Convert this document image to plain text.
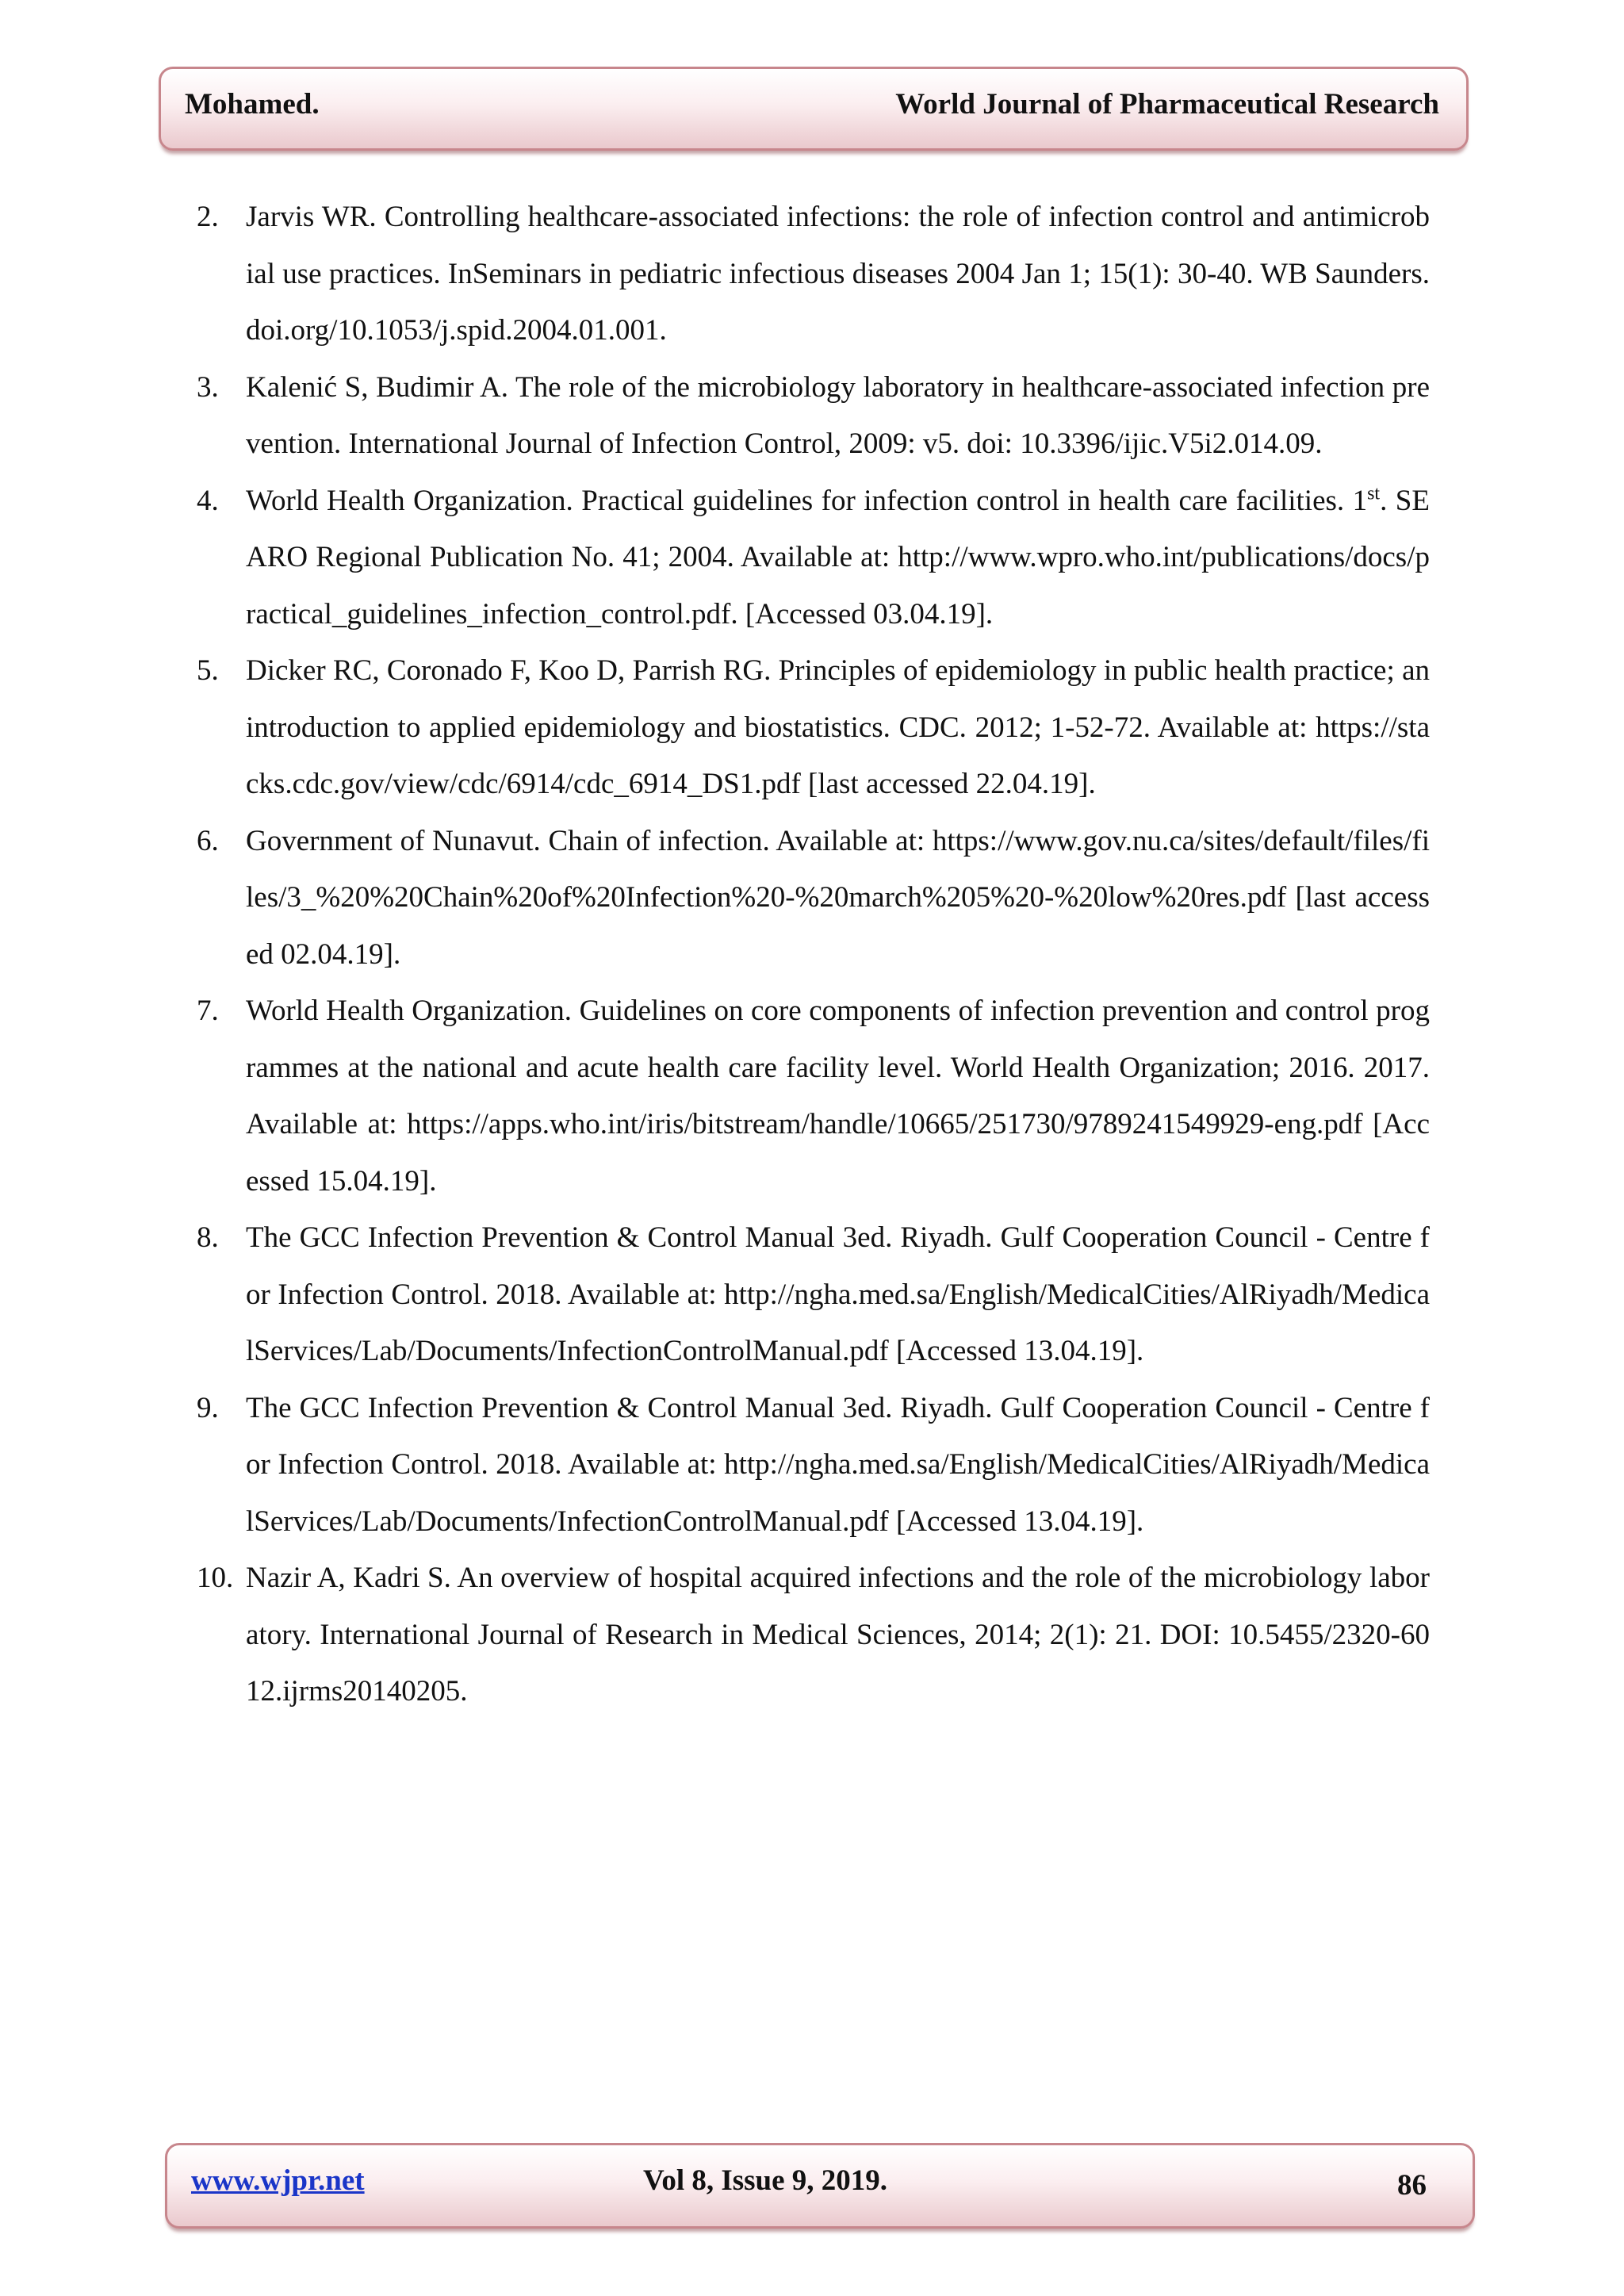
Mohamed.	World Journal of Pharmaceutical Research
2. Jarvis WR. Controlling healthcare-associated infections: the role of infection control and antimicrobial use practices. InSeminars in pediatric infectious diseases 2004 Jan 1; 15(1): 30-40. WB Saunders. doi.org/10.1053/j.spid.2004.01.001.
3. Kalenić S, Budimir A. The role of the microbiology laboratory in healthcare-associated infection prevention. International Journal of Infection Control, 2009: v5. doi: 10.3396/ijic.V5i2.014.09.
4. World Health Organization. Practical guidelines for infection control in health care facilities. 1st. SEARO Regional Publication No. 41; 2004. Available at: http://www.wpro.who.int/publications/docs/practical_guidelines_infection_control.pdf. [Accessed 03.04.19].
5. Dicker RC, Coronado F, Koo D, Parrish RG. Principles of epidemiology in public health practice; an introduction to applied epidemiology and biostatistics. CDC. 2012; 1-52-72. Available at: https://stacks.cdc.gov/view/cdc/6914/cdc_6914_DS1.pdf [last accessed 22.04.19].
6. Government of Nunavut. Chain of infection. Available at: https://www.gov.nu.ca/sites/default/files/files/3_%20%20Chain%20of%20Infection%20-%20march%205%20-%20low%20res.pdf [last accessed 02.04.19].
7. World Health Organization. Guidelines on core components of infection prevention and control programmes at the national and acute health care facility level. World Health Organization; 2016. 2017. Available at: https://apps.who.int/iris/bitstream/handle/10665/251730/9789241549929-eng.pdf [Accessed 15.04.19].
8. The GCC Infection Prevention & Control Manual 3ed. Riyadh. Gulf Cooperation Council - Centre for Infection Control. 2018. Available at: http://ngha.med.sa/English/MedicalCities/AlRiyadh/MedicalServices/Lab/Documents/InfectionControlManual.pdf [Accessed 13.04.19].
9. The GCC Infection Prevention & Control Manual 3ed. Riyadh. Gulf Cooperation Council - Centre for Infection Control. 2018. Available at: http://ngha.med.sa/English/MedicalCities/AlRiyadh/MedicalServices/Lab/Documents/InfectionControlManual.pdf [Accessed 13.04.19].
10. Nazir A, Kadri S. An overview of hospital acquired infections and the role of the microbiology laboratory. International Journal of Research in Medical Sciences, 2014; 2(1): 21. DOI: 10.5455/2320-6012.ijrms20140205.
www.wjpr.net	Vol 8, Issue 9, 2019.	86
